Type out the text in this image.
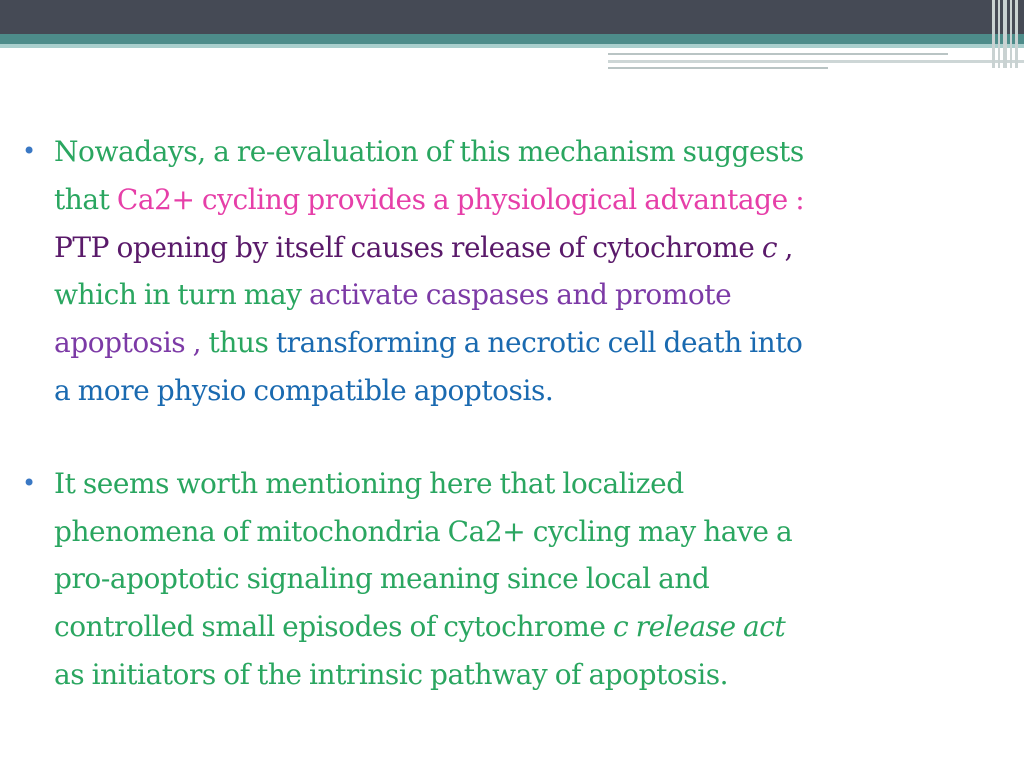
• Nowadays, a re-evaluation of this mechanism suggests
that Ca2+ cycling provides a physiological advantage :
PTP opening by itself causes release of cytochrome c ,
which in turn may activate caspases and promote
apoptosis , thus transforming a necrotic cell death into
a more physio compatible apoptosis.
• It seems worth mentioning here that localized
phenomena of mitochondria Ca2+ cycling may have a
pro-apoptotic signaling meaning since local and
controlled small episodes of cytochrome c release act
as initiators of the intrinsic pathway of apoptosis.
